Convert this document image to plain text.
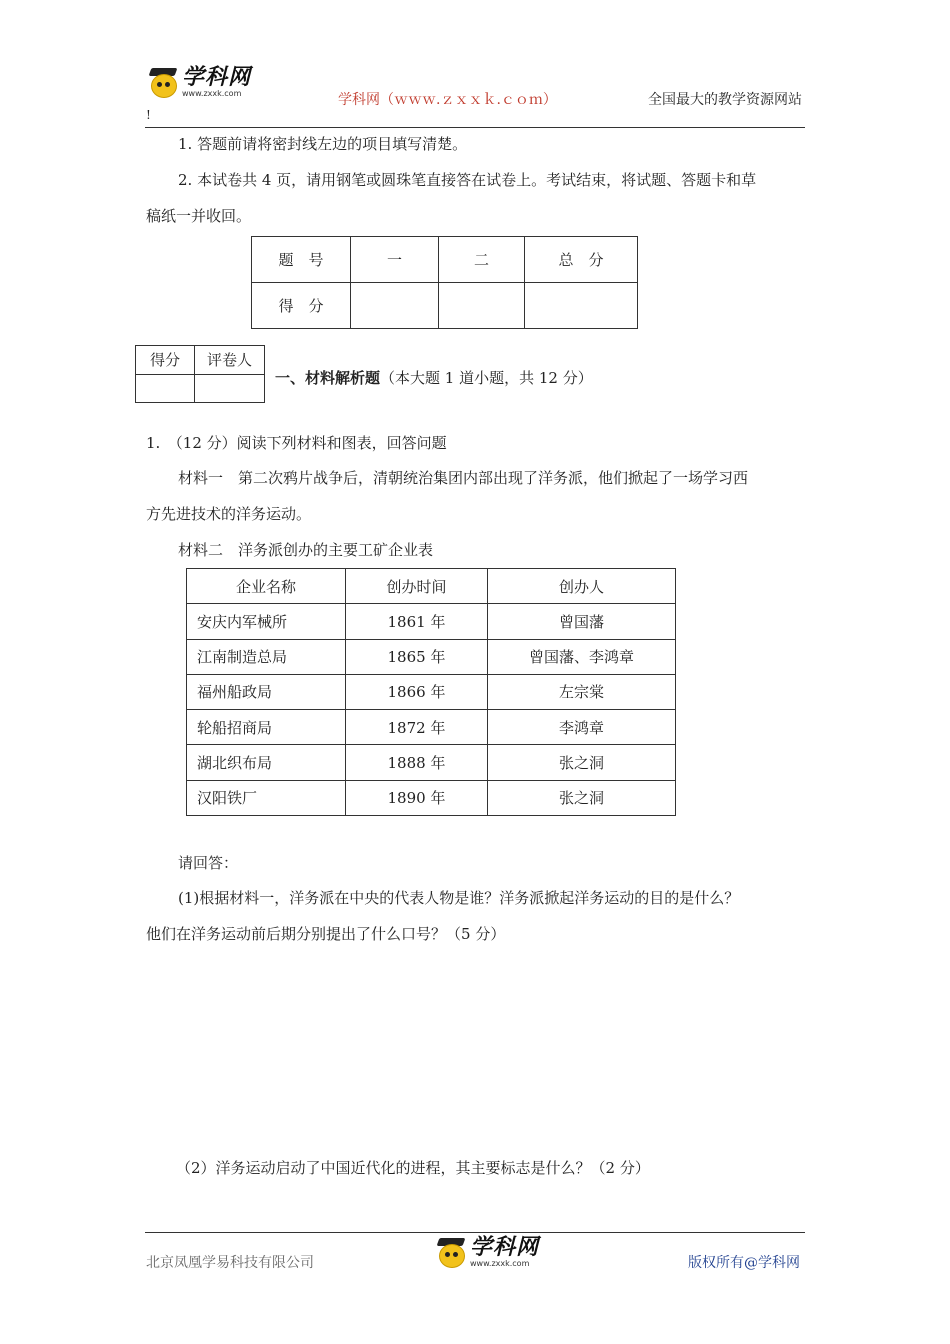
学科网
www.zxxk.com	学科网（ｗｗｗ.ｚｘｘｋ.ｃｏｍ）	全国最大的教学资源网站
!
1. 答题前请将密封线左边的项目填写清楚。
2. 本试卷共 4 页，请用钢笔或圆珠笔直接答在试卷上。考试结束，将试题、答题卡和草
稿纸一并收回。
题　号	一	二	总　分
得　分			
得分	评卷人

一、材料解析题（本大题 1 道小题，共 12 分）
1.　（12 分）阅读下列材料和图表，回答问题
材料一　第二次鸦片战争后，清朝统治集团内部出现了洋务派，他们掀起了一场学习西
方先进技术的洋务运动。
材料二　洋务派创办的主要工矿企业表
企业名称	创办时间	创办人
安庆内军械所	1861 年	曾国藩
江南制造总局	1865 年	曾国藩、李鸿章
福州船政局	1866 年	左宗棠
轮船招商局	1872 年	李鸿章
湖北织布局	1888 年	张之洞
汉阳铁厂	1890 年	张之洞
请回答：
(1)根据材料一，洋务派在中央的代表人物是谁？洋务派掀起洋务运动的目的是什么？
他们在洋务运动前后期分别提出了什么口号？（5 分）
（2）洋务运动启动了中国近代化的进程，其主要标志是什么？（2 分）
北京凤凰学易科技有限公司
学科网
www.zxxk.com	版权所有@学科网
